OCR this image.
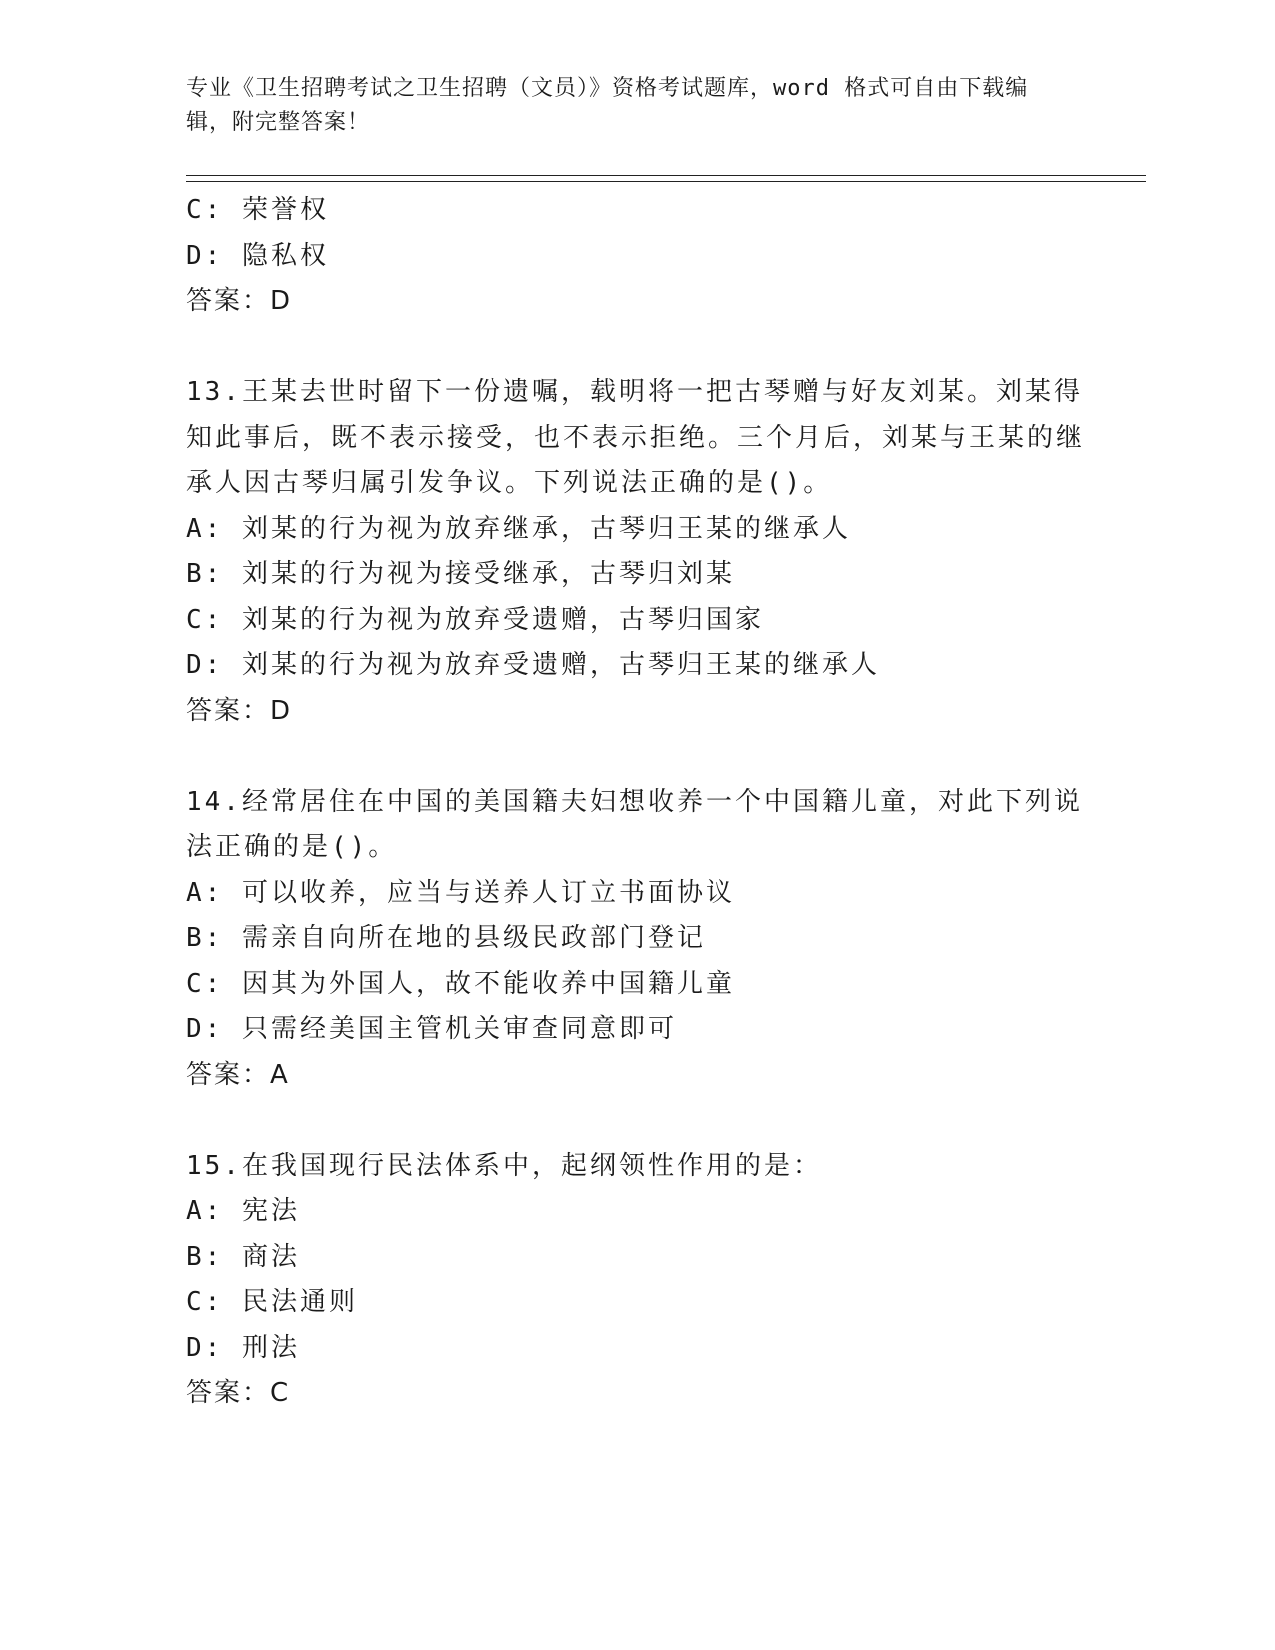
专业《卫生招聘考试之卫生招聘（文员）》资格考试题库，word 格式可自由下载编辑，附完整答案！
C: 荣誉权
D: 隐私权
答案：D
13.王某去世时留下一份遗嘱，载明将一把古琴赠与好友刘某。刘某得知此事后，既不表示接受，也不表示拒绝。三个月后，刘某与王某的继承人因古琴归属引发争议。下列说法正确的是()。
A: 刘某的行为视为放弃继承，古琴归王某的继承人
B: 刘某的行为视为接受继承，古琴归刘某
C: 刘某的行为视为放弃受遗赠，古琴归国家
D: 刘某的行为视为放弃受遗赠，古琴归王某的继承人
答案：D
14.经常居住在中国的美国籍夫妇想收养一个中国籍儿童，对此下列说法正确的是()。
A: 可以收养，应当与送养人订立书面协议
B: 需亲自向所在地的县级民政部门登记
C: 因其为外国人，故不能收养中国籍儿童
D: 只需经美国主管机关审查同意即可
答案：A
15.在我国现行民法体系中，起纲领性作用的是：
A: 宪法
B: 商法
C: 民法通则
D: 刑法
答案：C
